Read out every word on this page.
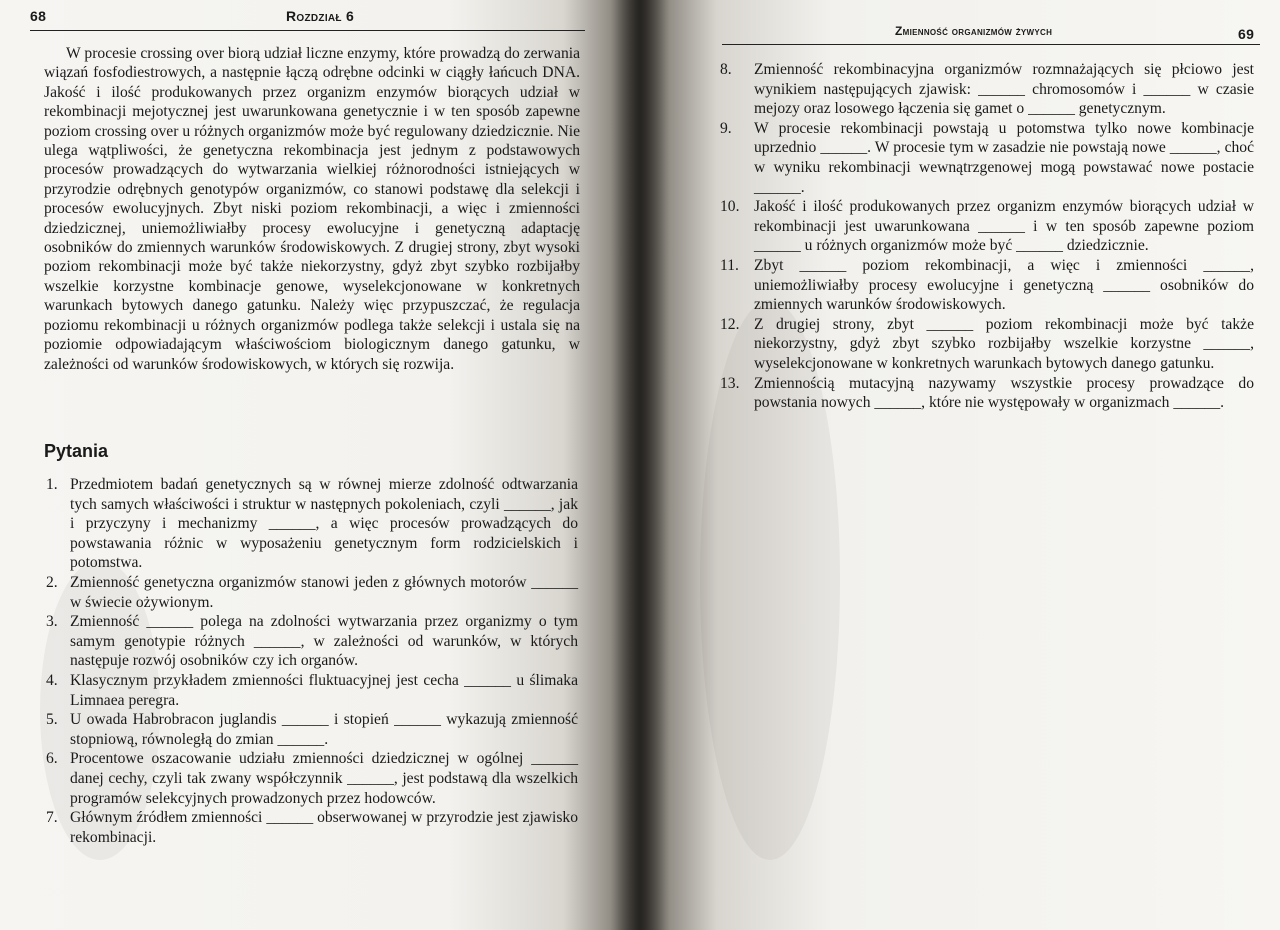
68	Rozdział 6

W procesie crossing over biorą udział liczne enzymy, które prowadzą do zerwania wiązań fosfodiestrowych, a następnie łączą odrębne odcinki w ciągły łańcuch DNA. Jakość i ilość produkowanych przez organizm enzymów biorących udział w rekombinacji mejotycznej jest uwarunkowana genetycznie i w ten sposób zapewne poziom crossing over u różnych organizmów może być regulowany dziedzicznie. Nie ulega wątpliwości, że genetyczna rekombinacja jest jednym z podstawowych procesów prowadzących do wytwarzania wielkiej różnorodności istniejących w przyrodzie odrębnych genotypów organizmów, co stanowi podstawę dla selekcji i procesów ewolucyjnych. Zbyt niski poziom rekombinacji, a więc i zmienności dziedzicznej, uniemożliwiałby procesy ewolucyjne i genetyczną adaptację osobników do zmiennych warunków środowiskowych. Z drugiej strony, zbyt wysoki poziom rekombinacji może być także niekorzystny, gdyż zbyt szybko rozbijałby wszelkie korzystne kombinacje genowe, wyselekcjonowane w konkretnych warunkach bytowych danego gatunku. Należy więc przypuszczać, że regulacja poziomu rekombinacji u różnych organizmów podlega także selekcji i ustala się na poziomie odpowiadającym właściwościom biologicznym danego gatunku, w zależności od warunków środowiskowych, w których się rozwija.

Pytania
1. Przedmiotem badań genetycznych są w równej mierze zdolność odtwarzania tych samych właściwości i struktur w następnych pokoleniach, czyli ______, jak i przyczyny i mechanizmy ______, a więc procesów prowadzących do powstawania różnic w wyposażeniu genetycznym form rodzicielskich i potomstwa.
2. Zmienność genetyczna organizmów stanowi jeden z głównych motorów ______ w świecie ożywionym.
3. Zmienność ______ polega na zdolności wytwarzania przez organizmy o tym samym genotypie różnych ______, w zależności od warunków, w których następuje rozwój osobników czy ich organów.
4. Klasycznym przykładem zmienności fluktuacyjnej jest cecha ______ u ślimaka Limnaea peregra.
5. U owada Habrobracon juglandis ______ i stopień ______ wykazują zmienność stopniową, równoległą do zmian ______.
6. Procentowe oszacowanie udziału zmienności dziedzicznej w ogólnej ______ danej cechy, czyli tak zwany współczynnik ______, jest podstawą dla wszelkich programów selekcyjnych prowadzonych przez hodowców.
7. Głównym źródłem zmienności ______ obserwowanej w przyrodzie jest zjawisko rekombinacji.
Zmienność organizmów żywych	69
8. Zmienność rekombinacyjna organizmów rozmnażających się płciowo jest wynikiem następujących zjawisk: ______ chromosomów i ______ w czasie mejozy oraz losowego łączenia się gamet o ______ genetycznym.
9. W procesie rekombinacji powstają u potomstwa tylko nowe kombinacje uprzednio ______. W procesie tym w zasadzie nie powstają nowe ______, choć w wyniku rekombinacji wewnątrzgenowej mogą powstawać nowe postacie ______.
10. Jakość i ilość produkowanych przez organizm enzymów biorących udział w rekombinacji jest uwarunkowana ______ i w ten sposób zapewne poziom ______ u różnych organizmów może być ______ dziedzicznie.
11. Zbyt ______ poziom rekombinacji, a więc i zmienności ______, uniemożliwiałby procesy ewolucyjne i genetyczną ______ osobników do zmiennych warunków środowiskowych.
12. Z drugiej strony, zbyt ______ poziom rekombinacji może być także niekorzystny, gdyż zbyt szybko rozbijałby wszelkie korzystne ______, wyselekcjonowane w konkretnych warunkach bytowych danego gatunku.
13. Zmiennością mutacyjną nazywamy wszystkie procesy prowadzące do powstania nowych ______, które nie występowały w organizmach ______.
